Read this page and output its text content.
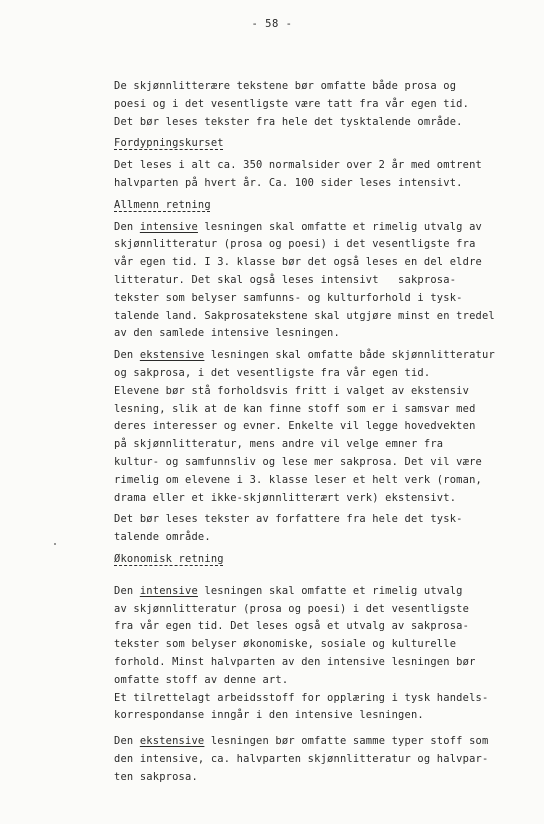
- 58 -

De skjønnlitterære tekstene bør omfatte både prosa og
poesi og i det vesentligste være tatt fra vår egen tid.
Det bør leses tekster fra hele det tysktalende område.

Fordypningskurset

Det leses i alt ca. 350 normalsider over 2 år med omtrent
halvparten på hvert år. Ca. 100 sider leses intensivt.

Allmenn retning

Den intensive lesningen skal omfatte et rimelig utvalg av
skjønnlitteratur (prosa og poesi) i det vesentligste fra
vår egen tid. I 3. klasse bør det også leses en del eldre
litteratur. Det skal også leses intensivt   sakprosa-
tekster som belyser samfunns- og kulturforhold i tysk-
talende land. Sakprosatekstene skal utgjøre minst en tredel
av den samlede intensive lesningen.

Den ekstensive lesningen skal omfatte både skjønnlitteratur
og sakprosa, i det vesentligste fra vår egen tid.
Elevene bør stå forholdsvis fritt i valget av ekstensiv
lesning, slik at de kan finne stoff som er i samsvar med
deres interesser og evner. Enkelte vil legge hovedvekten
på skjønnlitteratur, mens andre vil velge emner fra
kultur- og samfunnsliv og lese mer sakprosa. Det vil være
rimelig om elevene i 3. klasse leser et helt verk (roman,
drama eller et ikke-skjønnlitterært verk) ekstensivt.

Det bør leses tekster av forfattere fra hele det tysk-
talende område.

Økonomisk retning

Den intensive lesningen skal omfatte et rimelig utvalg
av skjønnlitteratur (prosa og poesi) i det vesentligste
fra vår egen tid. Det leses også et utvalg av sakprosa-
tekster som belyser økonomiske, sosiale og kulturelle
forhold. Minst halvparten av den intensive lesningen bør
omfatte stoff av denne art.
Et tilrettelagt arbeidsstoff for opplæring i tysk handels-
korrespondanse inngår i den intensive lesningen.

Den ekstensive lesningen bør omfatte samme typer stoff som
den intensive, ca. halvparten skjønnlitteratur og halvpar-
ten sakprosa.
